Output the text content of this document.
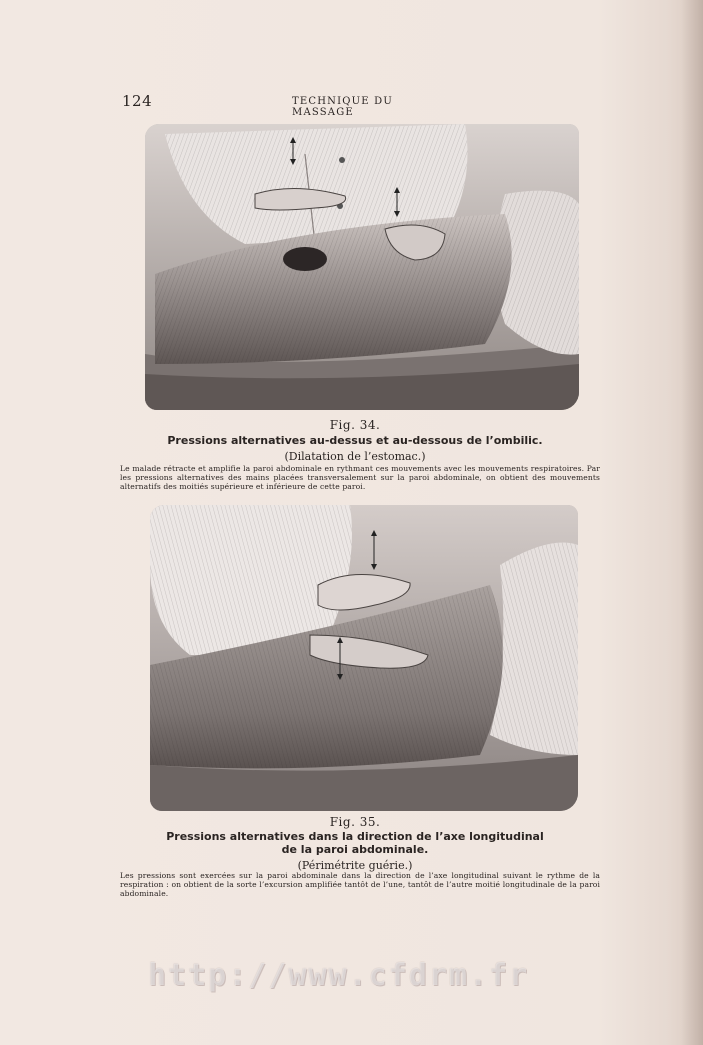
124	TECHNIQUE DU MASSAGE
Fig. 34.
Pressions alternatives au-dessus et au-dessous de l’ombilic.
(Dilatation de l’estomac.)
Le malade rétracte et amplifie la paroi abdominale en rythmant ces mouvements avec les mouvements respiratoires. Par les pressions alternatives des mains placées transversalement sur la paroi abdominale, on obtient des mouvements alternatifs des moitiés supérieure et inférieure de cette paroi.
Fig. 35.
Pressions alternatives dans la direction de l’axe longitudinal
de la paroi abdominale.
(Périmétrite guérie.)
Les pressions sont exercées sur la paroi abdominale dans la direction de l’axe longitudinal suivant le rythme de la respiration : on obtient de la sorte l’excursion amplifiée tantôt de l’une, tantôt de l’autre moitié longitudinale de la paroi abdominale.
http://www.cfdrm.fr
